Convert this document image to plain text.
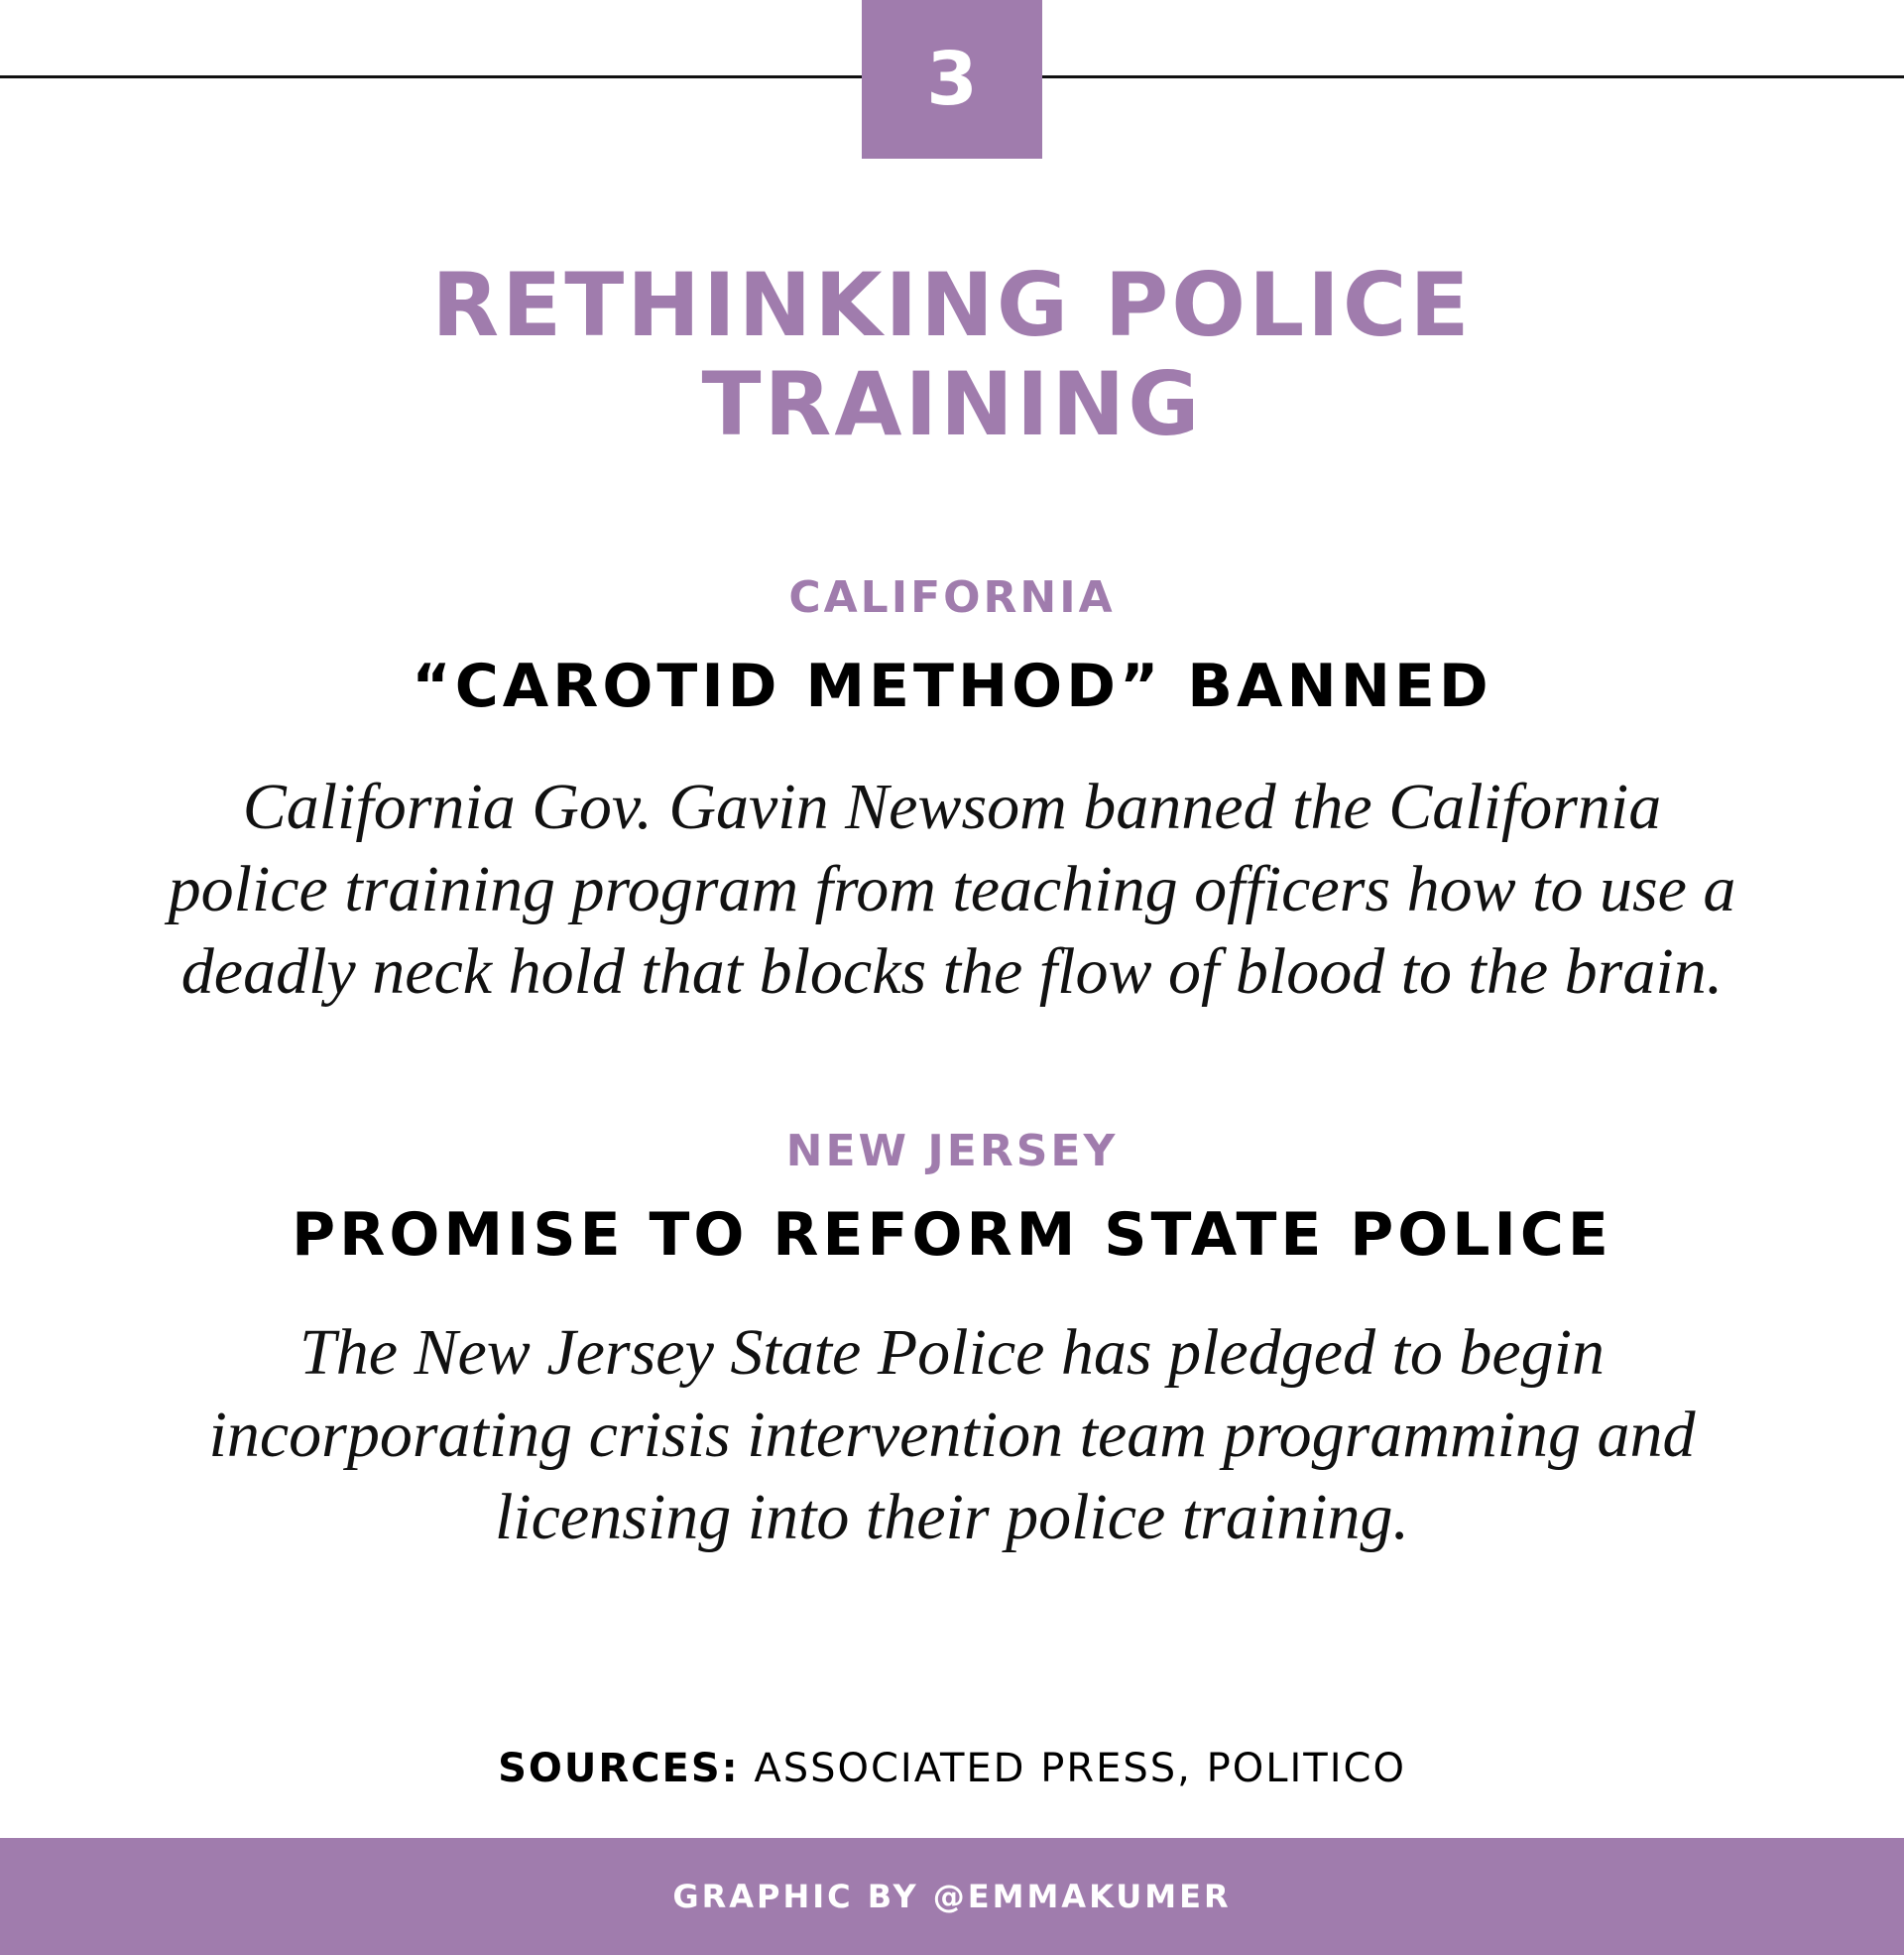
3
RETHINKING POLICE
TRAINING
CALIFORNIA
“CAROTID METHOD” BANNED
California Gov. Gavin Newsom banned the California police training program from teaching officers how to use a deadly neck hold that blocks the flow of blood to the brain.
NEW JERSEY
PROMISE TO REFORM STATE POLICE
The New Jersey State Police has pledged to begin incorporating crisis intervention team programming and licensing into their police training.
SOURCES: ASSOCIATED PRESS, POLITICO
GRAPHIC BY @EMMAKUMER
